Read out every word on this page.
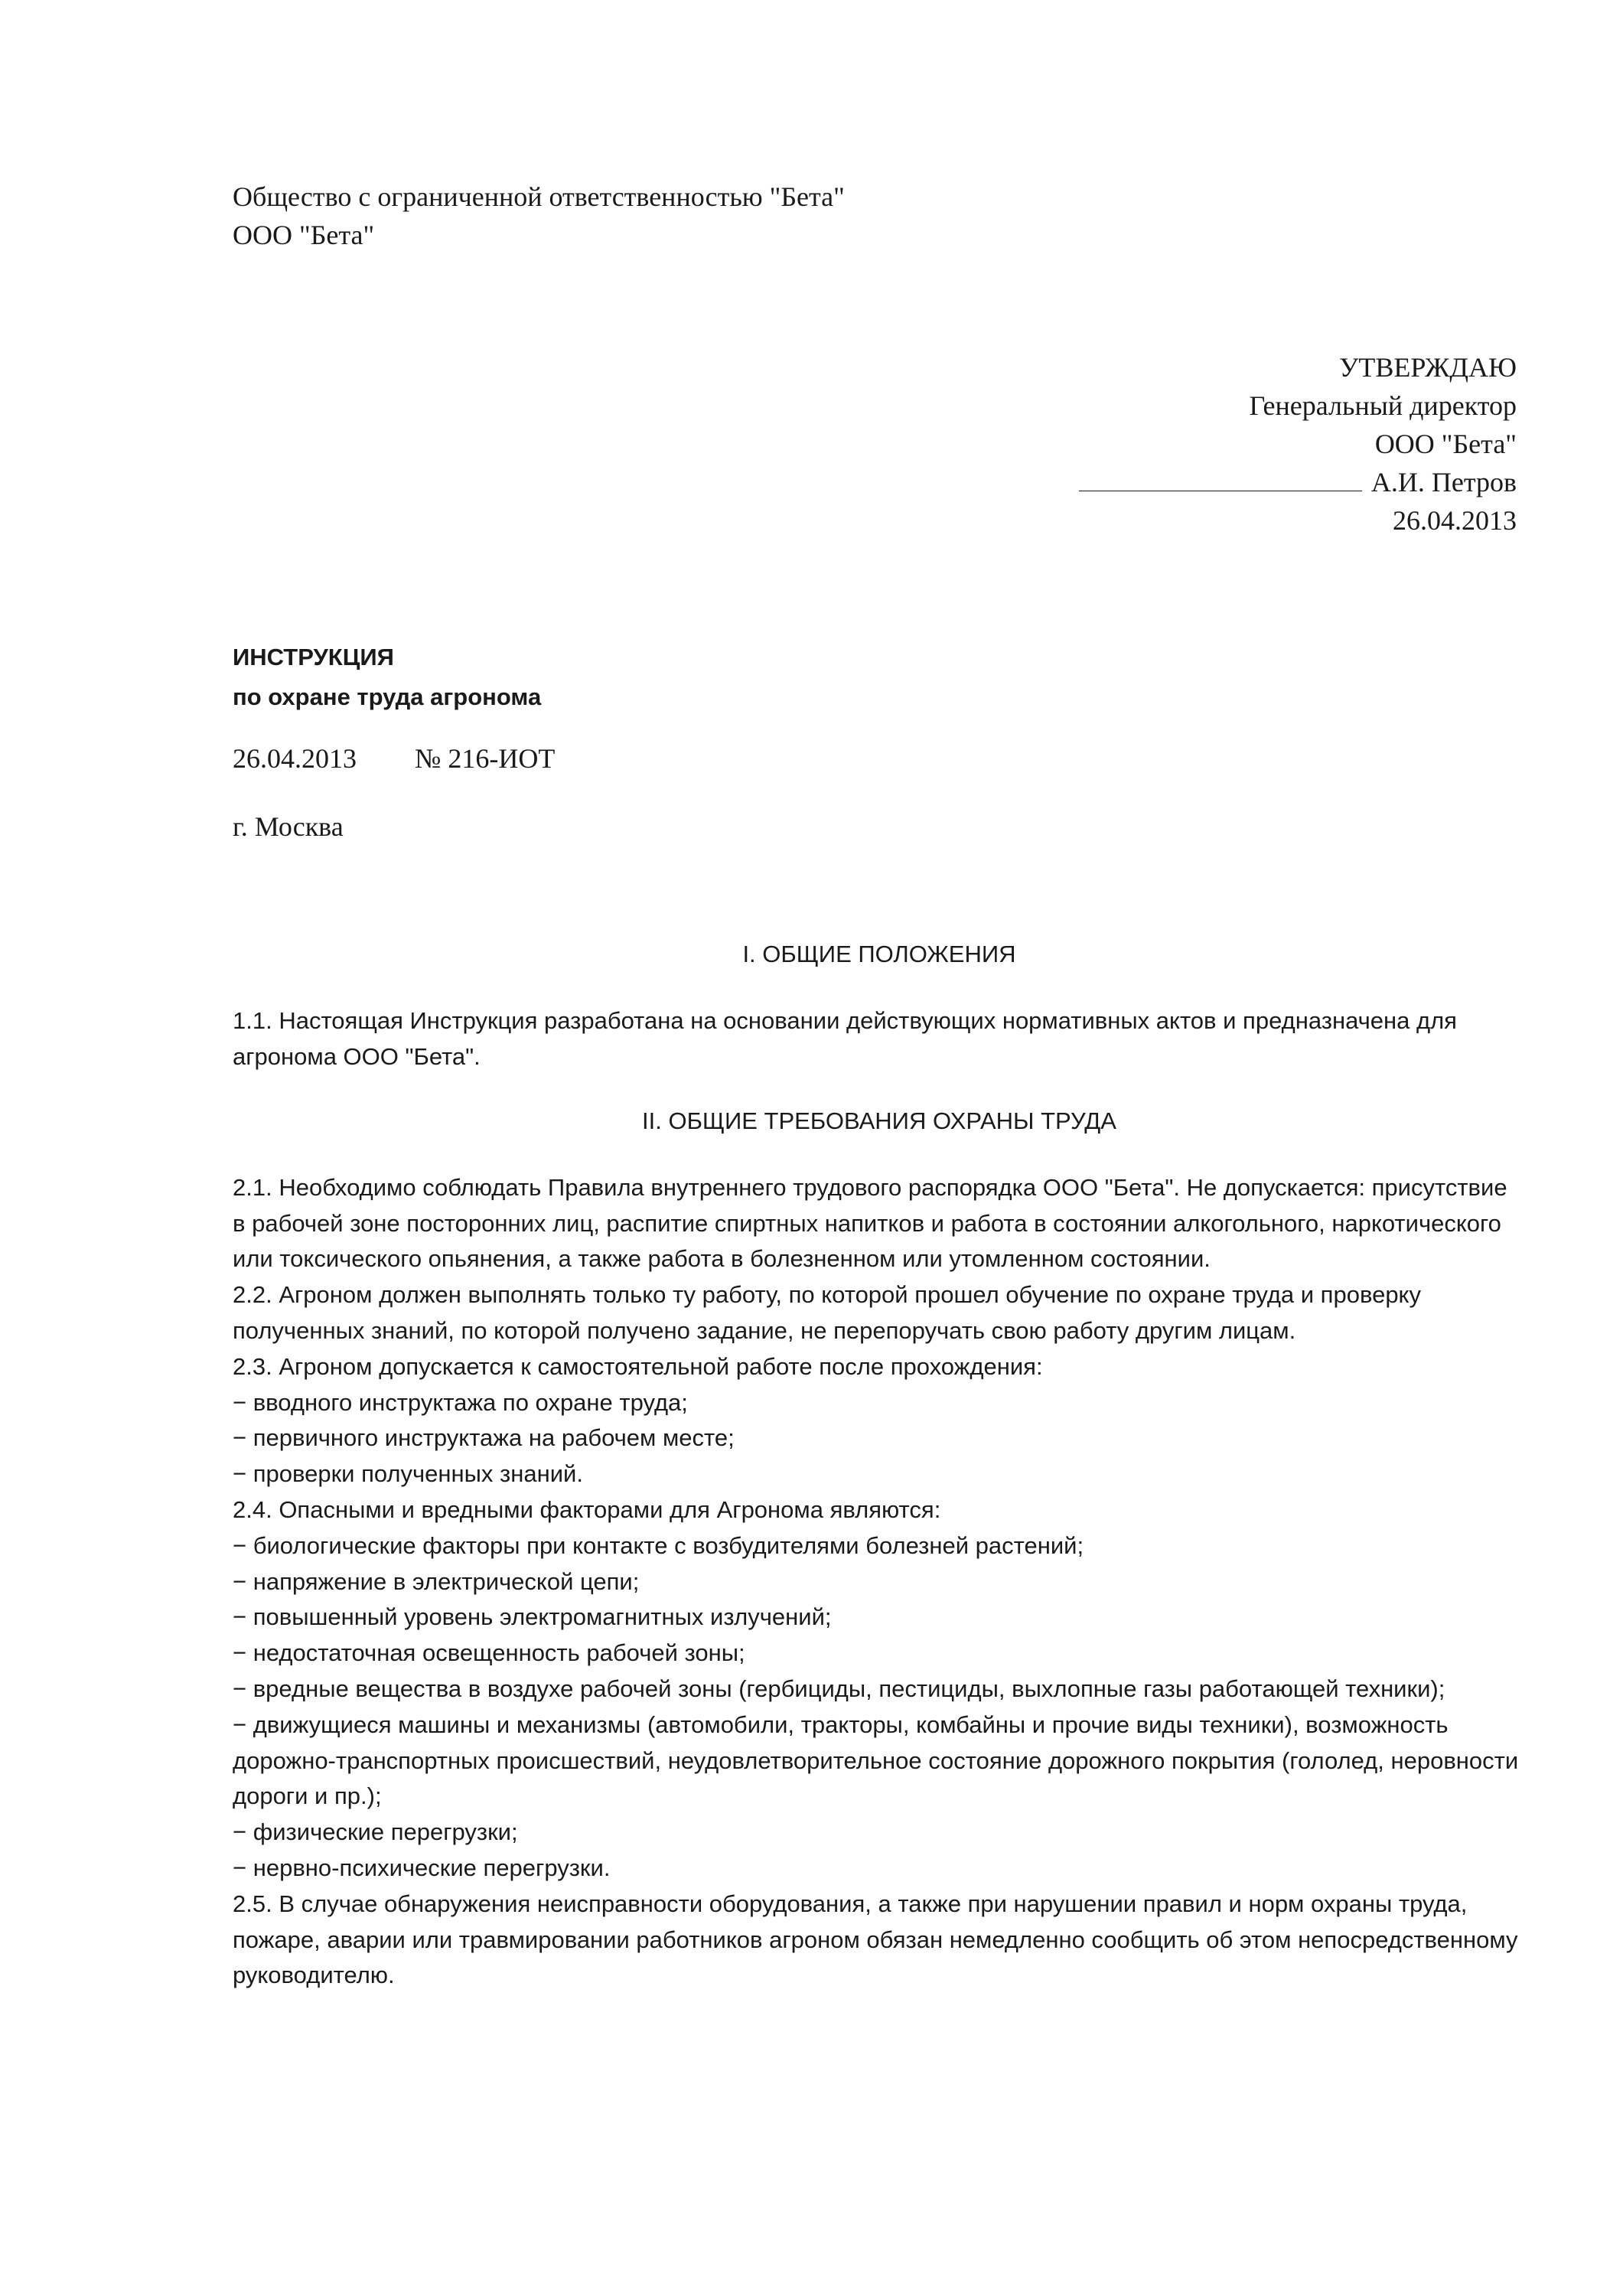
Общество с ограниченной ответственностью "Бета"
ООО "Бета"
УТВЕРЖДАЮ
Генеральный директор
ООО "Бета"
А.И. Петров
26.04.2013
ИНСТРУКЦИЯ
по охране труда агронома
26.04.2013 № 216-ИОТ
г. Москва

I. ОБЩИЕ ПОЛОЖЕНИЯ

1.1. Настоящая Инструкция разработана на основании действующих нормативных актов и предназначена для агронома ООО "Бета".

II. ОБЩИЕ ТРЕБОВАНИЯ ОХРАНЫ ТРУДА

2.1. Необходимо соблюдать Правила внутреннего трудового распорядка ООО "Бета". Не допускается: присутствие в рабочей зоне посторонних лиц, распитие спиртных напитков и работа в состоянии алкогольного, наркотического или токсического опьянения, а также работа в болезненном или утомленном состоянии.

2.2. Агроном должен выполнять только ту работу, по которой прошел обучение по охране труда и проверку полученных знаний, по которой получено задание, не перепоручать свою работу другим лицам.

2.3. Агроном допускается к самостоятельной работе после прохождения:

− вводного инструктажа по охране труда;

− первичного инструктажа на рабочем месте;

− проверки полученных знаний.

2.4. Опасными и вредными факторами для Агронома являются:

− биологические факторы при контакте с возбудителями болезней растений;

− напряжение в электрической цепи;

− повышенный уровень электромагнитных излучений;

− недостаточная освещенность рабочей зоны;

− вредные вещества в воздухе рабочей зоны (гербициды, пестициды, выхлопные газы работающей техники);

− движущиеся машины и механизмы (автомобили, тракторы, комбайны и прочие виды техники), возможность дорожно-транспортных происшествий, неудовлетворительное состояние дорожного покрытия (гололед, неровности дороги и пр.);

− физические перегрузки;

− нервно-психические перегрузки.

2.5. В случае обнаружения неисправности оборудования, а также при нарушении правил и норм охраны труда, пожаре, аварии или травмировании работников агроном обязан немедленно сообщить об этом непосредственному руководителю.
